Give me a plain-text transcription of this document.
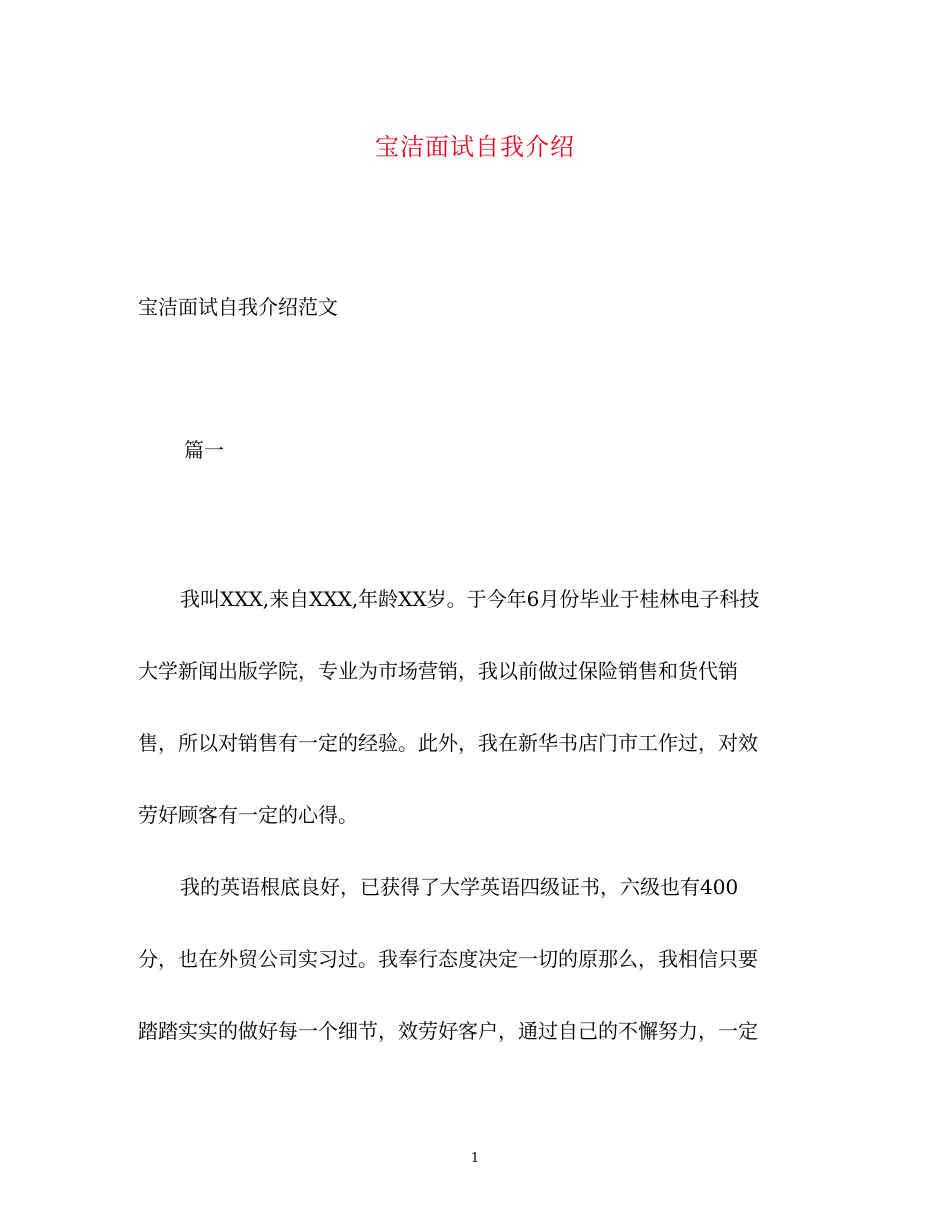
宝洁面试自我介绍
宝洁面试自我介绍范文
篇一
我叫XXX,来自XXX,年龄XX岁。于今年6月份毕业于桂林电子科技
大学新闻出版学院，专业为市场营销，我以前做过保险销售和货代销
售，所以对销售有一定的经验。此外，我在新华书店门市工作过，对效
劳好顾客有一定的心得。
我的英语根底良好，已获得了大学英语四级证书，六级也有400
分，也在外贸公司实习过。我奉行态度决定一切的原那么，我相信只要
踏踏实实的做好每一个细节，效劳好客户，通过自己的不懈努力，一定
1
